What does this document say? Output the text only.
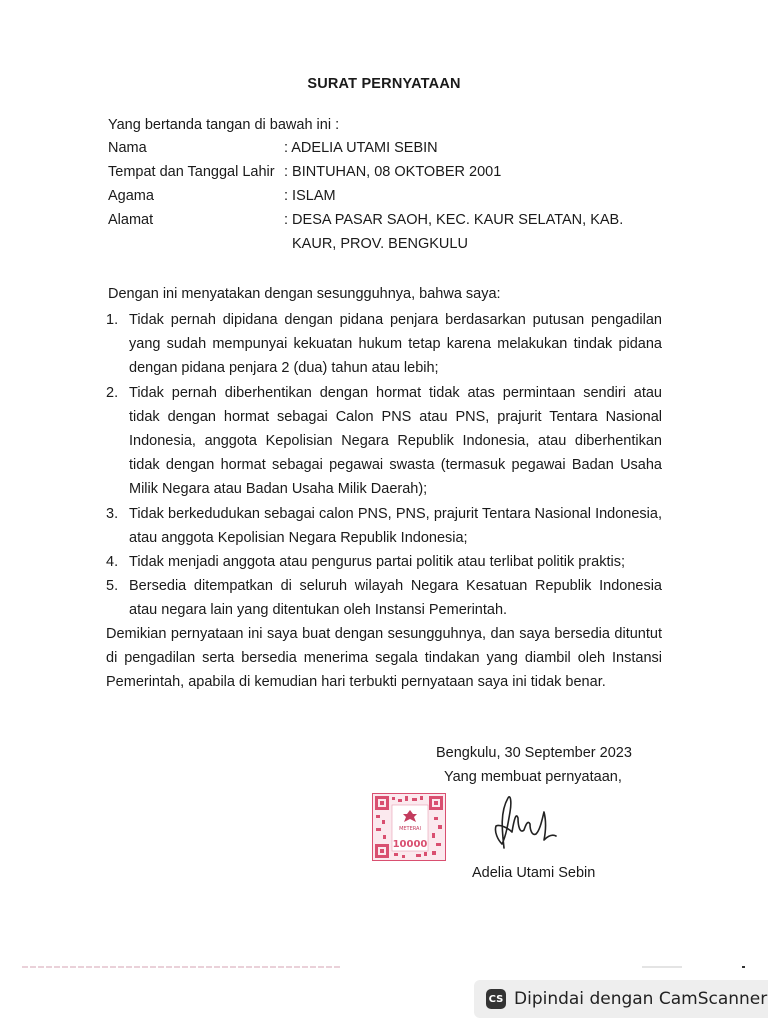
SURAT PERNYATAAN
Yang bertanda tangan di bawah ini :
Nama	: ADELIA UTAMI SEBIN
Tempat dan Tanggal Lahir : BINTUHAN, 08 OKTOBER 2001
Agama	: ISLAM
Alamat	: DESA PASAR SAOH, KEC. KAUR SELATAN, KAB.
KAUR, PROV. BENGKULU
Dengan ini menyatakan dengan sesungguhnya, bahwa saya:
1. Tidak pernah dipidana dengan pidana penjara berdasarkan putusan pengadilan yang sudah mempunyai kekuatan hukum tetap karena melakukan tindak pidana dengan pidana penjara 2 (dua) tahun atau lebih;
2. Tidak pernah diberhentikan dengan hormat tidak atas permintaan sendiri atau tidak dengan hormat sebagai Calon PNS atau PNS, prajurit Tentara Nasional Indonesia, anggota Kepolisian Negara Republik Indonesia, atau diberhentikan tidak dengan hormat sebagai pegawai swasta (termasuk pegawai Badan Usaha Milik Negara atau Badan Usaha Milik Daerah);
3. Tidak berkedudukan sebagai calon PNS, PNS, prajurit Tentara Nasional Indonesia, atau anggota Kepolisian Negara Republik Indonesia;
4. Tidak menjadi anggota atau pengurus partai politik atau terlibat politik praktis;
5. Bersedia ditempatkan di seluruh wilayah Negara Kesatuan Republik Indonesia atau negara lain yang ditentukan oleh Instansi Pemerintah.
Demikian pernyataan ini saya buat dengan sesungguhnya, dan saya bersedia dituntut di pengadilan serta bersedia menerima segala tindakan yang diambil oleh Instansi Pemerintah, apabila di kemudian hari terbukti pernyataan saya ini tidak benar.
Bengkulu, 30 September 2023
Yang membuat pernyataan,
METERAI
10000
Adelia Utami Sebin
CS Dipindai dengan CamScanner
